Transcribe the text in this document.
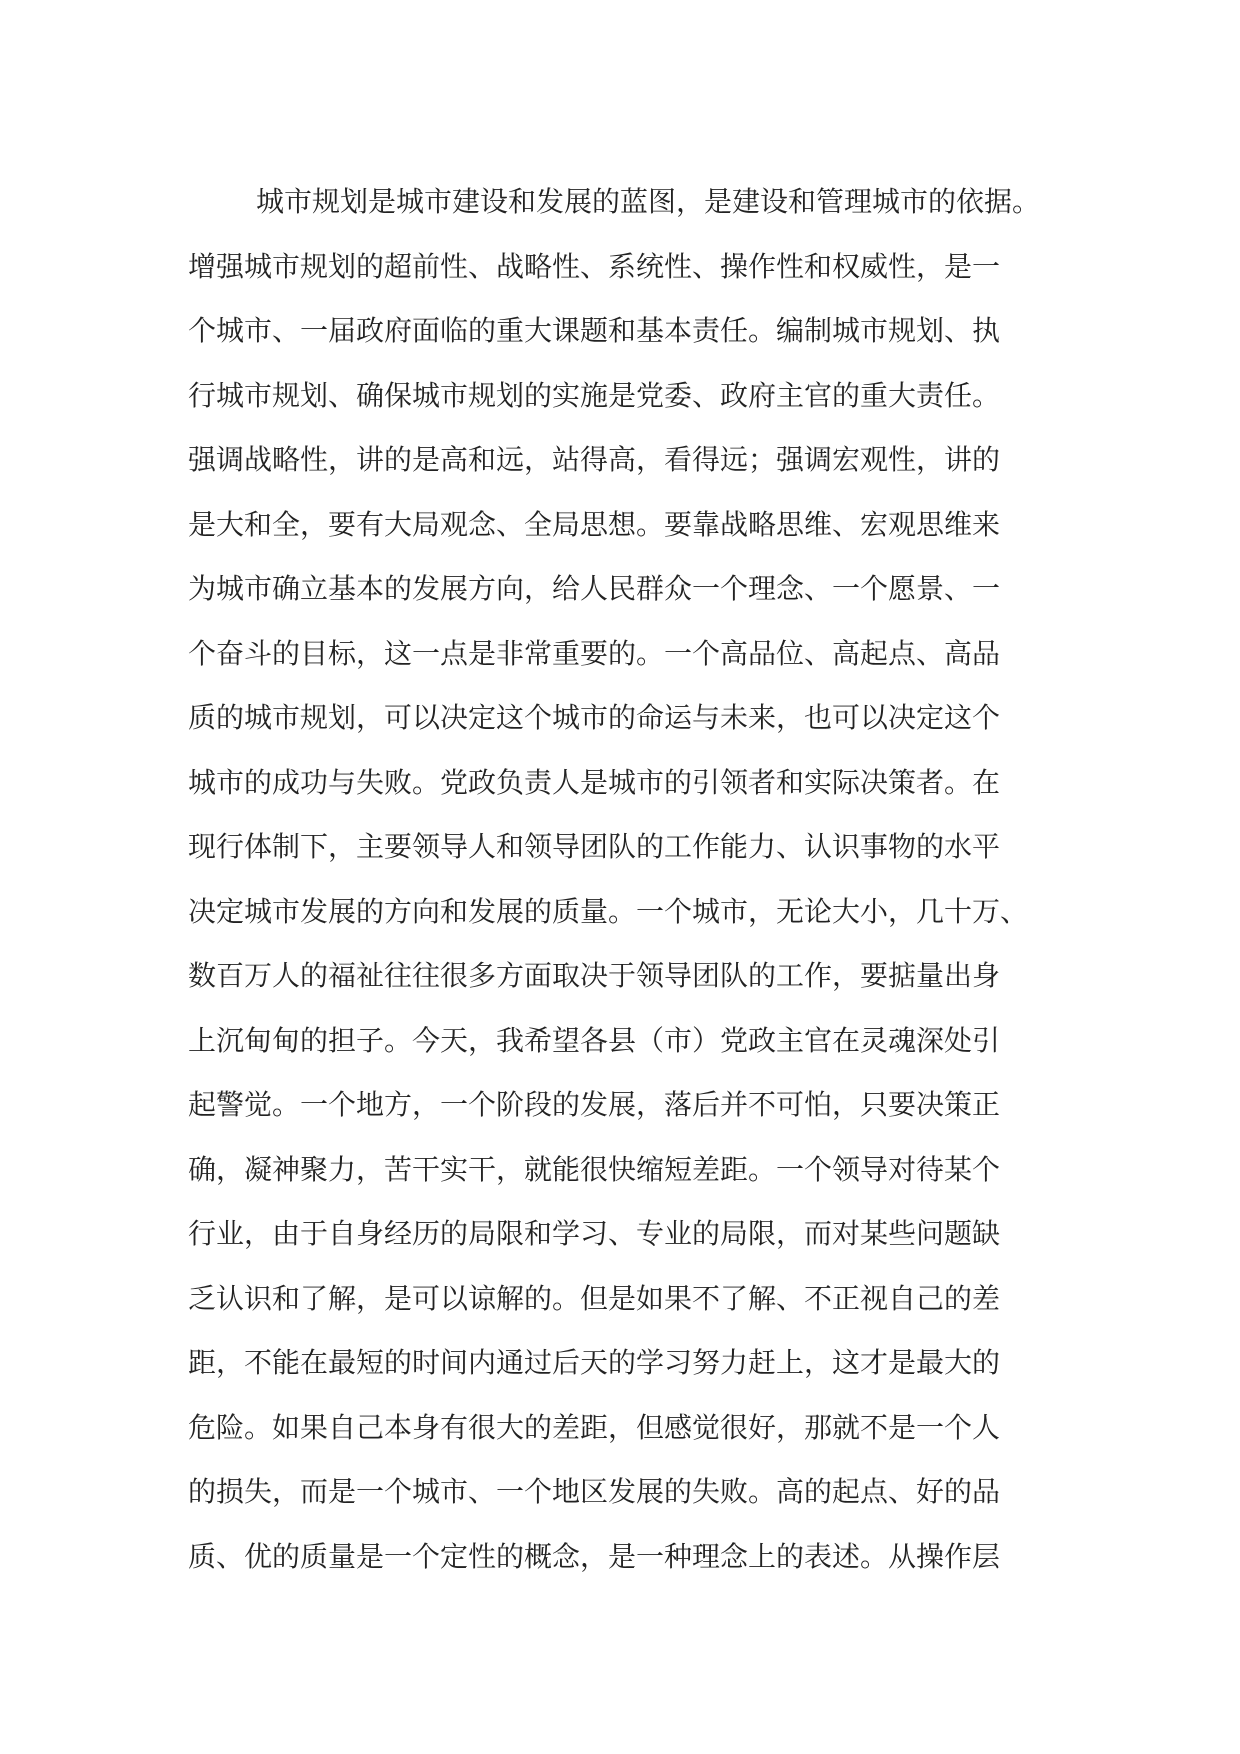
城市规划是城市建设和发展的蓝图，是建设和管理城市的依据。
增强城市规划的超前性、战略性、系统性、操作性和权威性，是一
个城市、一届政府面临的重大课题和基本责任。编制城市规划、执
行城市规划、确保城市规划的实施是党委、政府主官的重大责任。
强调战略性，讲的是高和远，站得高，看得远；强调宏观性，讲的
是大和全，要有大局观念、全局思想。要靠战略思维、宏观思维来
为城市确立基本的发展方向，给人民群众一个理念、一个愿景、一
个奋斗的目标，这一点是非常重要的。一个高品位、高起点、高品
质的城市规划，可以决定这个城市的命运与未来，也可以决定这个
城市的成功与失败。党政负责人是城市的引领者和实际决策者。在
现行体制下，主要领导人和领导团队的工作能力、认识事物的水平
决定城市发展的方向和发展的质量。一个城市，无论大小，几十万、
数百万人的福祉往往很多方面取决于领导团队的工作，要掂量出身
上沉甸甸的担子。今天，我希望各县（市）党政主官在灵魂深处引
起警觉。一个地方，一个阶段的发展，落后并不可怕，只要决策正
确，凝神聚力，苦干实干，就能很快缩短差距。一个领导对待某个
行业，由于自身经历的局限和学习、专业的局限，而对某些问题缺
乏认识和了解，是可以谅解的。但是如果不了解、不正视自己的差
距，不能在最短的时间内通过后天的学习努力赶上，这才是最大的
危险。如果自己本身有很大的差距，但感觉很好，那就不是一个人
的损失，而是一个城市、一个地区发展的失败。高的起点、好的品
质、优的质量是一个定性的概念，是一种理念上的表述。从操作层
